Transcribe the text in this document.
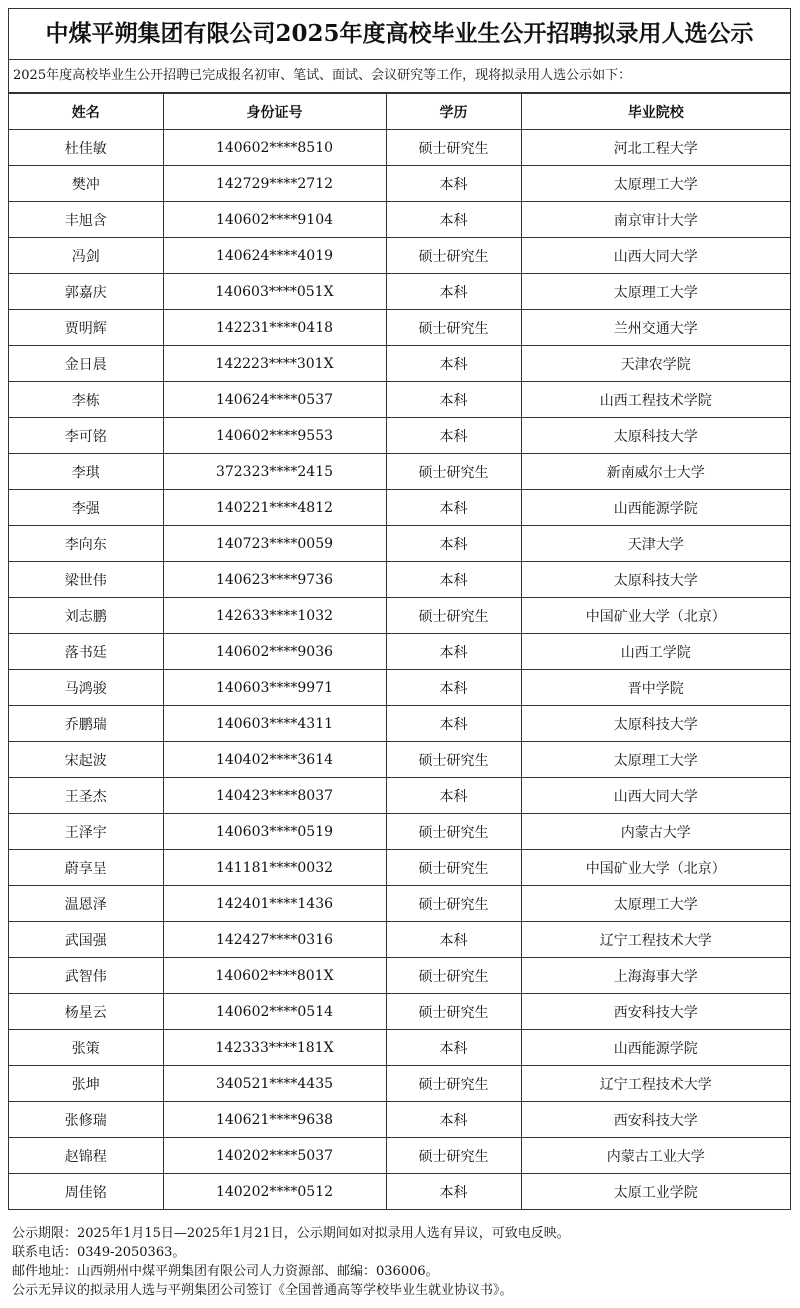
中煤平朔集团有限公司2025年度高校毕业生公开招聘拟录用人选公示
2025年度高校毕业生公开招聘已完成报名初审、笔试、面试、会议研究等工作，现将拟录用人选公示如下：
姓名	身份证号	学历	毕业院校
杜佳敏	140602****8510	硕士研究生	河北工程大学
樊冲	142729****2712	本科	太原理工大学
丰旭含	140602****9104	本科	南京审计大学
冯剑	140624****4019	硕士研究生	山西大同大学
郭嘉庆	140603****051X	本科	太原理工大学
贾明辉	142231****0418	硕士研究生	兰州交通大学
金日晨	142223****301X	本科	天津农学院
李栋	140624****0537	本科	山西工程技术学院
李可铭	140602****9553	本科	太原科技大学
李琪	372323****2415	硕士研究生	新南威尔士大学
李强	140221****4812	本科	山西能源学院
李向东	140723****0059	本科	天津大学
梁世伟	140623****9736	本科	太原科技大学
刘志鹏	142633****1032	硕士研究生	中国矿业大学（北京）
落书廷	140602****9036	本科	山西工学院
马鸿骏	140603****9971	本科	晋中学院
乔鹏瑞	140603****4311	本科	太原科技大学
宋起波	140402****3614	硕士研究生	太原理工大学
王圣杰	140423****8037	本科	山西大同大学
王泽宇	140603****0519	硕士研究生	内蒙古大学
蔚享呈	141181****0032	硕士研究生	中国矿业大学（北京）
温恩泽	142401****1436	硕士研究生	太原理工大学
武国强	142427****0316	本科	辽宁工程技术大学
武智伟	140602****801X	硕士研究生	上海海事大学
杨星云	140602****0514	硕士研究生	西安科技大学
张策	142333****181X	本科	山西能源学院
张坤	340521****4435	硕士研究生	辽宁工程技术大学
张修瑞	140621****9638	本科	西安科技大学
赵锦程	140202****5037	硕士研究生	内蒙古工业大学
周佳铭	140202****0512	本科	太原工业学院
公示期限：2025年1月15日—2025年1月21日，公示期间如对拟录用人选有异议，可致电反映。
联系电话：0349-2050363。
邮件地址：山西朔州中煤平朔集团有限公司人力资源部、邮编：036006。
公示无异议的拟录用人选与平朔集团公司签订《全国普通高等学校毕业生就业协议书》。
